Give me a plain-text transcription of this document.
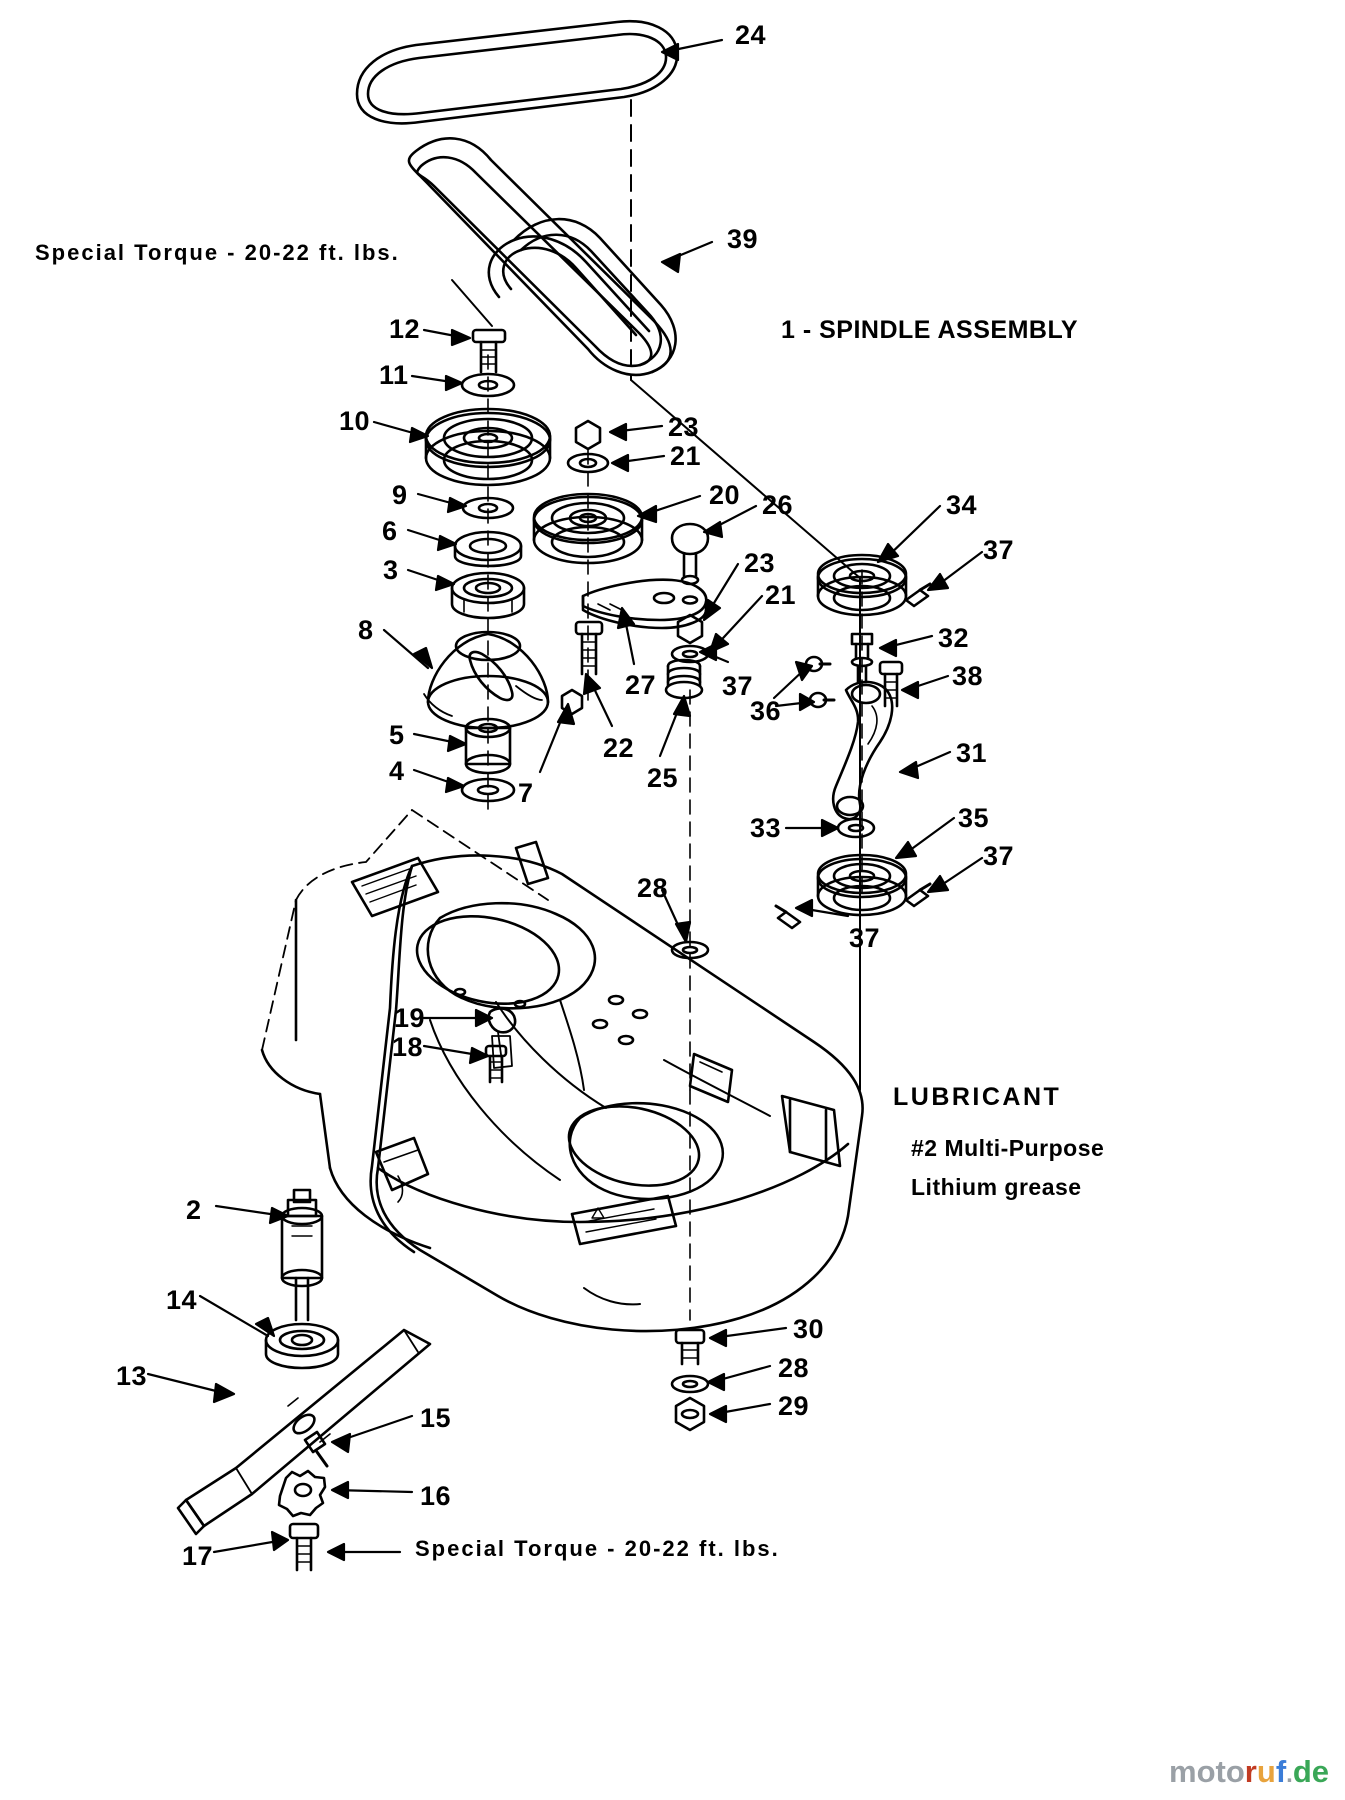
Special Torque - 20-22 ft. lbs.
1 - SPINDLE ASSEMBLY
LUBRICANT
#2 Multi-Purpose
Lithium grease
Special Torque - 20-22 ft. lbs.
motoruf.de
24
39
12
11
10	23
21
9	20 26
6
34
37
3	23
21
8	32
38
27 37
36
31
5	22
4	25
7
33	35
37
28
37
19
18
2
14
30
13	28
29
15
16
17
